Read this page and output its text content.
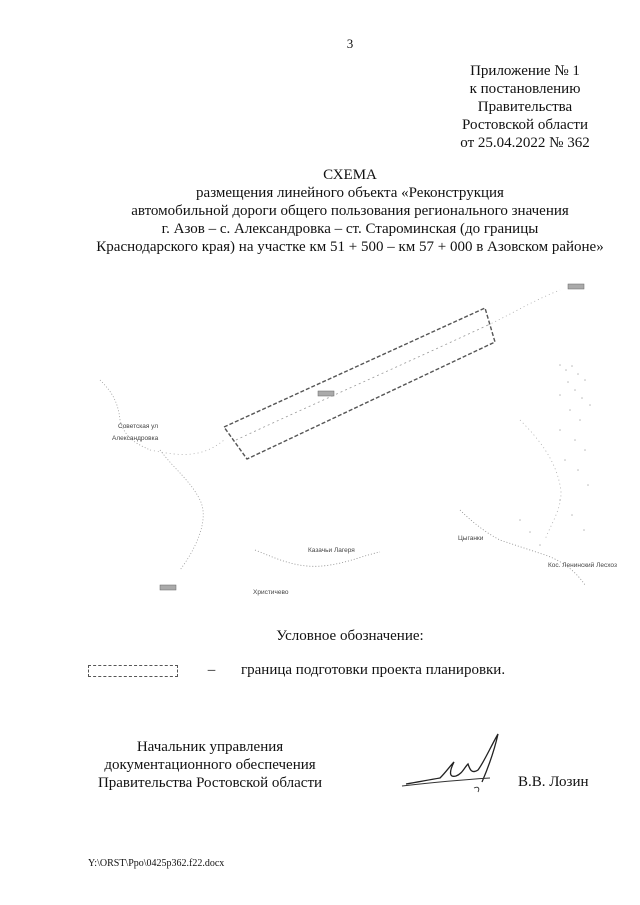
3
Приложение № 1
к постановлению
Правительства
Ростовской области
от 25.04.2022 № 362
СХЕМА
размещения линейного объекта «Реконструкция
автомобильной дороги общего пользования регионального значения
г. Азов – с. Александровка – ст. Староминская (до границы
Краснодарского края) на участке км 51 + 500 – км 57 + 000 в Азовском районе»
Советская ул
Александровка
Казачьи Лагеря
Христичево
Цыганки
Кос. Ленинский Лесхоз
Условное обозначение:
– граница подготовки проекта планировки.
Начальник управления
документационного обеспечения
Правительства Ростовской области	В.В. Лозин
Y:\ORST\Ppo\0425p362.f22.docx
